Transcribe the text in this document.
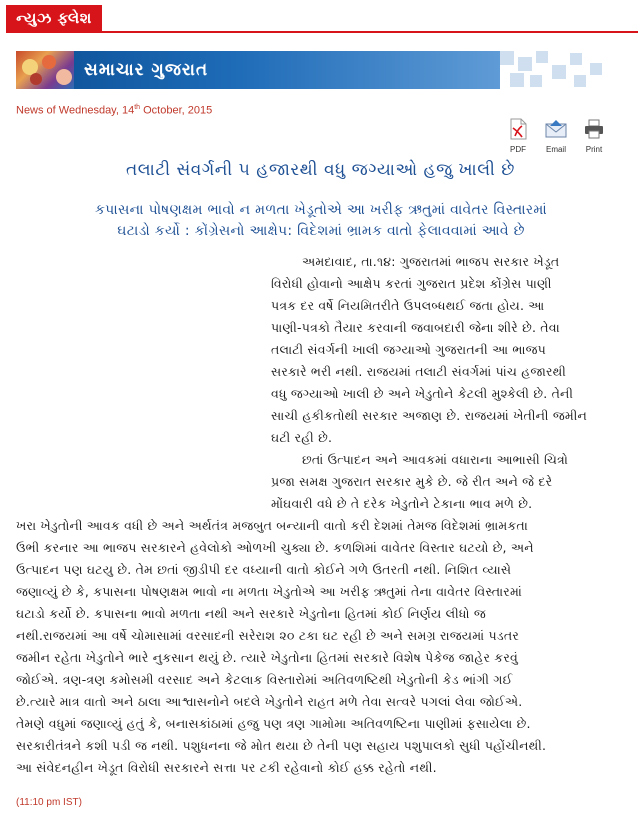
ન્યુઝ ફ્લેશ
સમાચાર ગુજરાત
News of Wednesday, 14th October, 2015
PDF	Email	Print
તલાટી સંવર્ગની ૫ હજારથી વધુ જગ્યાઓ હજુ ખાલી છે
કપાસના પોષણક્ષમ ભાવો ન મળતા ખેડૂતોએ આ ખરીફ ઋતુમાં વાવેતર વિસ્તારમાં
ઘટાડો કર્યો : કોંગ્રેસનો આક્ષેપ: વિદેશમાં ભ્રામક વાતો ફેલાવવામાં આવે છે
અમદાવાદ, તા.૧૪: ગુજરાતમાં ભાજપ સરકાર ખેડૂત
વિરોધી હોવાનો આક્ષેપ કરતાં ગુજરાત પ્રદેશ કોંગ્રેસ પાણી
પત્રક દર વર્ષે નિયમિતરીતે ઉપલબ્ધથઈ જતા હોય. આ
પાણી-પત્રકો તૈયાર કરવાની જવાબદારી જેના શીરે છે. તેવા
તલાટી સંવર્ગની ખાલી જગ્યાઓ ગુજરાતની આ ભાજપ
સરકારે ભરી નથી. રાજયમાં તલાટી સંવર્ગમાં પાંચ હજારથી
વધુ જગ્યાઓ ખાલી છે અને ખેડુતોને કેટલી મુશ્કેલી છે. તેની
સાચી હકીકતોથી સરકાર અજાણ છે. રાજયમાં ખેતીની જમીન
ઘટી રહી છે.
છતાં ઉત્પાદન અને આવકમાં વધારાના આભાસી ચિત્રો
પ્રજા સમક્ષ ગુજરાત સરકાર મુકે છે. જે રીત અને જે દરે
મોંઘવારી વધે છે તે દરેક ખેડુતોને ટેકાના ભાવ મળે છે.
ખરા ખેડુતોની આવક વધી છે અને અર્થતંત્ર મજબુત બન્યાની વાતો કરી દેશમાં તેમજ વિદેશમાં ભ્રામકતા
ઉભી કરનાર આ ભાજપ સરકારને હવેલોકો ઓળખી ચુક્યા છે. કળશિમાં વાવેતર વિસ્તાર ઘટયો છે, અને
ઉત્પાદન પણ ઘટયુ છે. તેમ છતાં જીડીપી દર વધ્યાની વાતો કોઈને ગળે ઉતરતી નથી. નિશિત વ્યાસે
જણાવ્યું છે કે, કપાસના પોષણક્ષમ ભાવો ના મળતા ખેડુતોએ આ ખરીફ ઋતુમાં તેના વાવેતર વિસ્તારમાં
ઘટાડો કર્યો છે. કપાસના ભાવો મળતા નથી અને સરકારે ખેડુતોના હિતમાં કોઈ નિર્ણય લીધો જ
નથી.રાજયમાં આ વર્ષે ચોમાસામાં વરસાદની સરેરાશ ૨૦ ટકા ઘટ રહી છે અને સમગ્ર રાજયમાં પડતર
જમીન રહેતા ખેડુતોને ભારે નુકસાન થયું છે. ત્યારે ખેડુતોના હિતમાં સરકારે વિશેષ પેકેજ જાહેર કરવું
જોઈએ. ત્રણ-ત્રણ કમોસમી વરસાદ અને કેટલાક વિસ્તારોમાં અતિવળષ્ટિથી ખેડુતોની કેડ ભાંગી ગઈ
છે.ત્યારે માત્ર વાતો અને ઠાલા આશ્વાસનોને બદલે ખેડુતોને રાહત મળે તેવા સત્વરે પગલાં લેવા જોઈએ.
તેમણે વધુમાં જણાવ્યું હતું કે, બનાસકાંઠામાં હજુ પણ ત્રણ ગામોમા અતિવળષ્ટિના પાણીમાં ફસાયેલા છે.
સરકારીતંત્રને કશી પડી જ નથી. પશુધનના જે મોત થયા છે તેની પણ સહાય પશુપાલકો સુધી પહોંચીનથી.
આ સંવેદનહીન ખેડૂત વિરોધી સરકારને સત્તા પર ટકી રહેવાનો કોઈ હક્ક રહેતો નથી.
(11:10 pm IST)
